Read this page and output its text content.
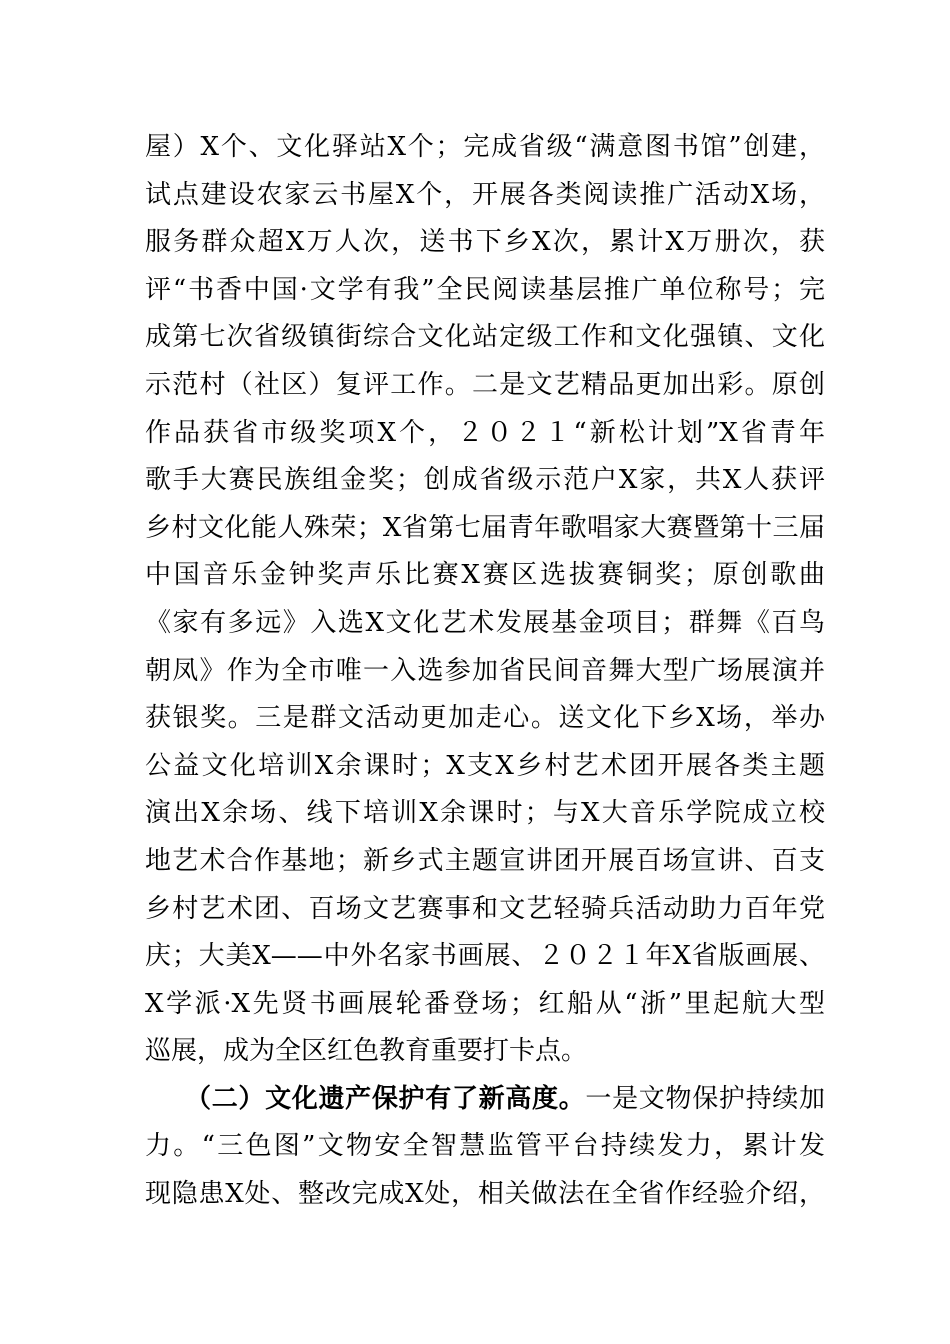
屋）X个、文化驿站X个；完成省级“满意图书馆”创建，
试点建设农家云书屋X个，开展各类阅读推广活动X场，
服务群众超X万人次，送书下乡X次，累计X万册次，获
评“书香中国·文学有我”全民阅读基层推广单位称号；完
成第七次省级镇街综合文化站定级工作和文化强镇、文化
示范村（社区）复评工作。二是文艺精品更加出彩。原创
作品获省市级奖项X个，２０２１“新松计划”X省青年
歌手大赛民族组金奖；创成省级示范户X家，共X人获评
乡村文化能人殊荣；X省第七届青年歌唱家大赛暨第十三届
中国音乐金钟奖声乐比赛X赛区选拔赛铜奖；原创歌曲
《家有多远》入选X文化艺术发展基金项目；群舞《百鸟
朝凤》作为全市唯一入选参加省民间音舞大型广场展演并
获银奖。三是群文活动更加走心。送文化下乡X场，举办
公益文化培训X余课时；X支X乡村艺术团开展各类主题
演出X余场、线下培训X余课时；与X大音乐学院成立校
地艺术合作基地；新乡式主题宣讲团开展百场宣讲、百支
乡村艺术团、百场文艺赛事和文艺轻骑兵活动助力百年党
庆；大美X——中外名家书画展、２０２１年X省版画展、
X学派·X先贤书画展轮番登场；红船从“浙”里起航大型
巡展，成为全区红色教育重要打卡点。
（二）文化遗产保护有了新高度。一是文物保护持续加
力。“三色图”文物安全智慧监管平台持续发力，累计发
现隐患X处、整改完成X处，相关做法在全省作经验介绍，
